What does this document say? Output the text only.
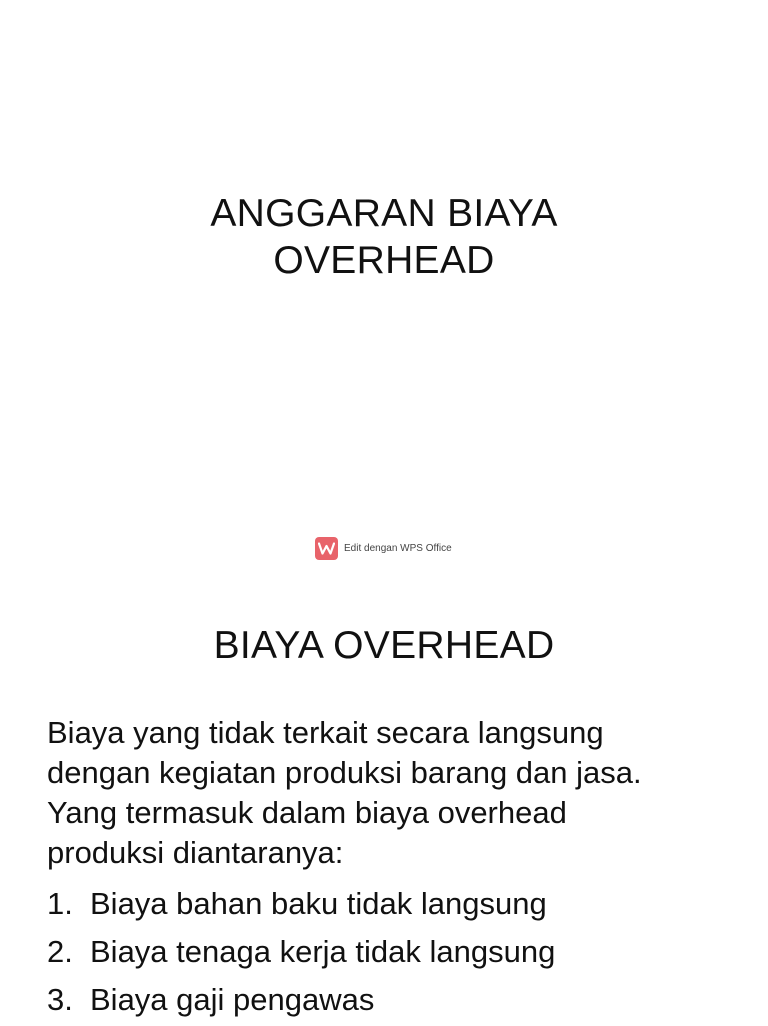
ANGGARAN BIAYA
OVERHEAD
Edit dengan WPS Office
BIAYA OVERHEAD

Biaya yang tidak terkait secara langsung
dengan kegiatan produksi barang dan jasa.
Yang termasuk dalam biaya overhead
produksi diantaranya:

1. Biaya bahan baku tidak langsung
2. Biaya tenaga kerja tidak langsung
3. Biaya gaji pengawas
